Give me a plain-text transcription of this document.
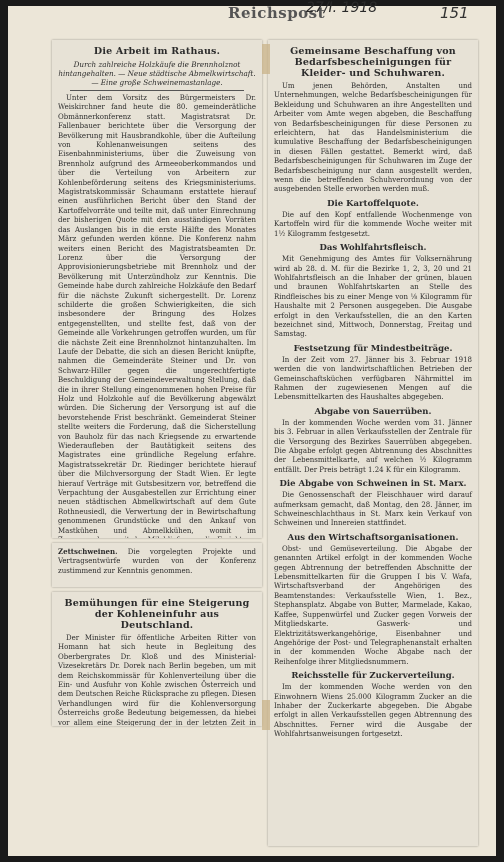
Reichspost
27/I. 1918	151
Die Arbeit im Rathaus.
Durch zahlreiche Holzkäufe die Brennholznot hintangehalten. — Neue städtische Abmelkwirtschaft. — Eine große Schweinemastanlage.

Unter dem Vorsitz des Bürgermeisters Dr. Weiskirchner fand heute die 80. gemeinderätliche Obmännerkonferenz statt. Magistratsrat Dr. Fallenbauer berichtete über die Versorgung der Bevölkerung mit Hausbrandkohle, über die Aufteilung von Kohlenanweisungen seitens des Eisenbahnministeriums, über die Zuweisung von Brennholz aufgrund des Armeeoberkommandos und über die Verteilung von Arbeitern zur Kohlenbeförderung seitens des Kriegsministeriums. Magistratskommissär Schaumann erstattete hierauf einen ausführlichen Bericht über den Stand der Kartoffelvorräte und teilte mit, daß unter Einrechnung der bisherigen Quote mit den ausständigen Vorräten das Auslangen bis in die erste Hälfte des Monates März gefunden werden könne. Die Konferenz nahm weiters einen Bericht des Magistratsbeamten Dr. Lorenz über die Versorgung der Approvisionierungsbetriebe mit Brennholz und der Bevölkerung mit Unterzündholz zur Kenntnis. Die Gemeinde habe durch zahlreiche Holzkäufe den Bedarf für die nächste Zukunft sichergestellt. Dr. Lorenz schilderte die großen Schwierigkeiten, die sich insbesondere der Bringung des Holzes entgegenstellten, und stellte fest, daß von der Gemeinde alle Vorkehrungen getroffen wurden, um für die nächste Zeit eine Brennholznot hintanzuhalten. Im Laufe der Debatte, die sich an diesen Bericht knüpfte, nahmen die Gemeinderäte Steiner und Dr. von Schwarz-Hiller gegen die ungerechtfertigte Beschuldigung der Gemeindeverwaltung Stellung, daß die in ihrer Stellung eingenommenen hohen Preise für Holz und Holzkohle auf die Bevölkerung abgewälzt würden. Die Sicherung der Versorgung ist auf die bevorstehende Frist beschränkt. Gemeinderat Steiner stellte weiters die Forderung, daß die Sicherstellung von Bauholz für das nach Kriegsende zu erwartende Wiederaufleben der Bautätigkeit seitens des Magistrates eine gründliche Regelung erfahre. Magistratssekretär Dr. Riedinger berichtete hierauf über die Milchversorgung der Stadt Wien. Er legte hierauf Verträge mit Gutsbesitzern vor, betreffend die Verpachtung der Ausgabestellen zur Errichtung einer neuen städtischen Abmelkwirtschaft auf dem Gute Rothneusiedl, die Verwertung der in Bewirtschaftung genommenen Grundstücke und den Ankauf von Mastkühen und Abmelkkühen, womit im

Zettschweinen. Die vorgelegten Projekte und Vertragsentwürfe wurden von der Konferenz zustimmend zur Kenntnis genommen.

Bemühungen für eine Steigerung der Kohleneinfuhr aus Deutschland.

Der Minister für öffentliche Arbeiten Ritter von Homann hat sich heute in Begleitung des Oberbergrates Dr. Kloß und des Ministerial-Vizesekretärs Dr. Dorek nach Berlin begeben, um mit dem Reichskommissär für Kohlenverteilung über die Ein- und Ausfuhr von Kohle zwischen Österreich und dem Deutschen Reiche Rücksprache zu pflegen. Diesen Verhandlungen wird für die Kohlenversorgung Österreichs große Bedeutung beigemessen, da hiebei vor allem eine Steigerung der in der letzten Zeit in

Gemeinsame Beschaffung von Bedarfsbescheinigungen für Kleider- und Schuhwaren.

Um jenen Behörden, Anstalten und Unternehmungen, welche Bedarfsbescheinigungen für Bekleidung und Schuhwaren an ihre Angestellten und Arbeiter vom Amte wegen abgeben, die Beschaffung von Bedarfsbescheinigungen für diese Personen zu erleichtern, hat das Handelsministerium die kumulative Beschaffung der Bedarfsbescheinigungen in diesen Fällen gestattet. Bemerkt wird, daß Bedarfsbescheinigungen für Schuhwaren im Zuge der Bedarfsbescheinigung nur dann ausgestellt werden, wenn die betreffenden Schuhverordnung von der ausgebenden Stelle erworben werden muß.

Die Kartoffelquote.

Die auf den Kopf entfallende Wochenmenge von Kartoffeln wird für die kommende Woche weiter mit 1½ Kilogramm festgesetzt.

Das Wohlfahrtsfleisch.

Mit Genehmigung des Amtes für Volksernährung wird ab 28. d. M. für die Bezirke 1, 2, 3, 20 und 21 Wohlfahrtsfleisch an die Inhaber der grünen, blauen und braunen Wohlfahrtskarten an Stelle des Rindfleisches bis zu einer Menge von ⅛ Kilogramm für Haushalte mit 2 Personen ausgegeben. Die Ausgabe erfolgt in den Verkaufsstellen, die an den Karten bezeichnet sind, Mittwoch, Donnerstag, Freitag und Samstag.

Festsetzung für Mindestbeiträge.

In der Zeit vom 27. Jänner bis 3. Februar 1918 werden die von landwirtschaftlichen Betrieben der Gemeinschaftsküchen verfügbaren Nährmittel im Rahmen der zugewiesenen Mengen auf die Lebensmittelkarten des Haushaltes abgegeben.

Abgabe von Sauerrüben.

In der kommenden Woche werden vom 31. Jänner bis 3. Februar in allen Verkaufsstellen der Zentrale für die Versorgung des Bezirkes Sauerrüben abgegeben. Die Abgabe erfolgt gegen Abtrennung des Abschnittes der Lebensmittelkarte, auf welchen ½ Kilogramm entfällt. Der Preis beträgt 1.24 K für ein Kilogramm.

Die Abgabe von Schweinen in St. Marx.

Die Genossenschaft der Fleischhauer wird darauf aufmerksam gemacht, daß Montag, den 28. Jänner, im Schweineschlachthaus in St. Marx kein Verkauf von Schweinen und Innereien stattfindet.

Aus den Wirtschaftsorganisationen.

Obst- und Gemüseverteilung. Die Abgabe der genannten Artikel erfolgt in der kommenden Woche gegen Abtrennung der betreffenden Abschnitte der Lebensmittelkarten für die Gruppen I bis V. Wafa, Wirtschaftsverband der Angehörigen des Beamtenstandes: Verkaufsstelle Wien, 1. Bez., Stephansplatz. Abgabe von Butter, Marmelade, Kakao, Kaffee, Suppenwürfel und Zucker gegen Vorweis der Mitgliedskarte. Gaswerk- und Elektrizitätswerkangehörige, Eisenbahner und Angehörige der Post- und Telegraphenanstalt erhalten in der kommenden Woche Abgabe nach der Reihenfolge ihrer Mitgliedsnummern.

Reichsstelle für Zuckerverteilung.

Im der kommenden Woche werden von den Einwohnern Wiens 25.000 Kilogramm Zucker an die Inhaber der Zuckerkarte abgegeben. Die Abgabe erfolgt in allen Verkaufsstellen gegen Abtrennung des Abschnittes. Ferner wird die Ausgabe der Wohlfahrtsanweisungen fortgesetzt.
